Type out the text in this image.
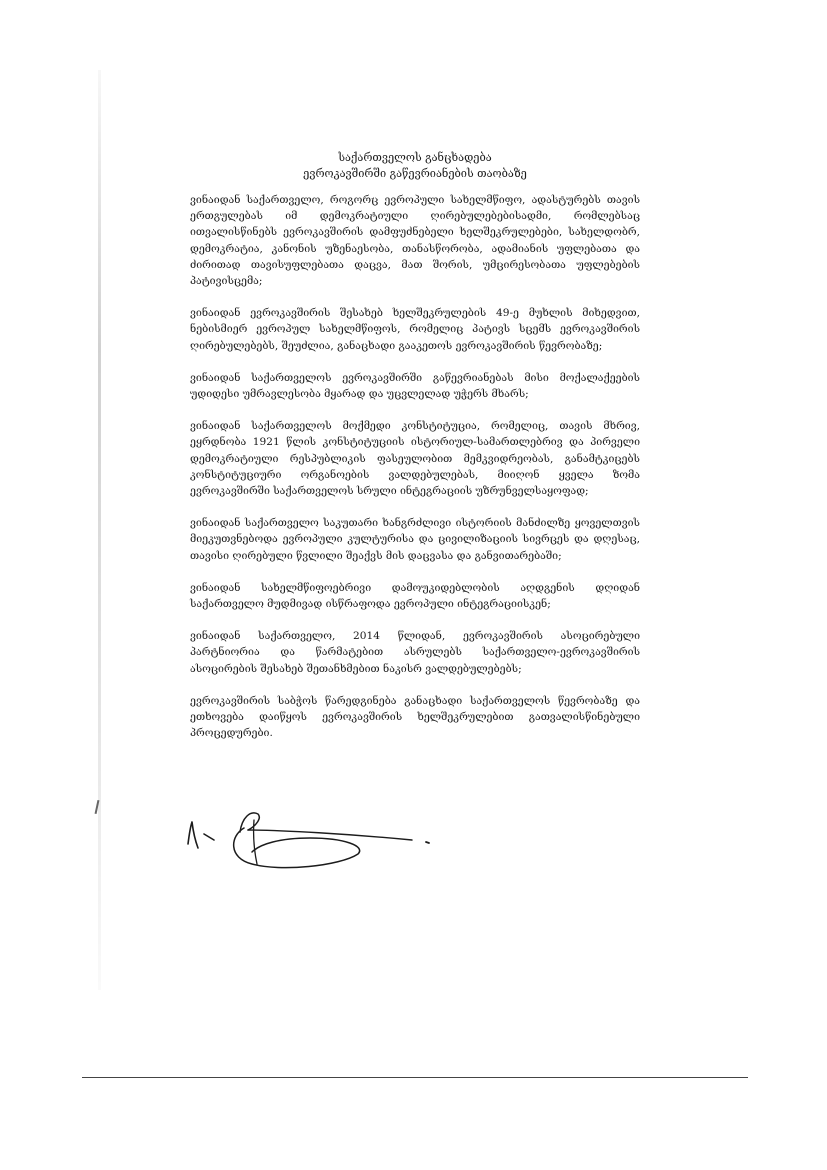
საქართველოს განცხადება
ევროკავშირში გაწევრიანების თაობაზე

ვინაიდან საქართველო, როგორც ევროპული სახელმწიფო, ადასტურებს თავის ერთგულებას იმ დემოკრატიული ღირებულებებისადმი, რომლებსაც ითვალისწინებს ევროკავშირის დამფუძნებელი ხელშეკრულებები, სახელდობრ, დემოკრატია, კანონის უზენაესობა, თანასწორობა, ადამიანის უფლებათა და ძირითად თავისუფლებათა დაცვა, მათ შორის, უმცირესობათა უფლებების პატივისცემა;

ვინაიდან ევროკავშირის შესახებ ხელშეკრულების 49-ე მუხლის მიხედვით, ნებისმიერ ევროპულ სახელმწიფოს, რომელიც პატივს სცემს ევროკავშირის ღირებულებებს, შეუძლია, განაცხადი გააკეთოს ევროკავშირის წევრობაზე;

ვინაიდან საქართველოს ევროკავშირში გაწევრიანებას მისი მოქალაქეების უდიდესი უმრავლესობა მყარად და უცვლელად უჭერს მხარს;

ვინაიდან საქართველოს მოქმედი კონსტიტუცია, რომელიც, თავის მხრივ, ეყრდნობა 1921 წლის კონსტიტუციის ისტორიულ-სამართლებრივ და პირველი დემოკრატიული რესპუბლიკის ფასეულობით მემკვიდრეობას, განამტკიცებს კონსტიტუციური ორგანოების ვალდებულებას, მიიღონ ყველა ზომა ევროკავშირში საქართველოს სრული ინტეგრაციის უზრუნველსაყოფად;

ვინაიდან საქართველო საკუთარი ხანგრძლივი ისტორიის მანძილზე ყოველთვის მიეკუთვნებოდა ევროპული კულტურისა და ცივილიზაციის სივრცეს და დღესაც, თავისი ღირებული წვლილი შეაქვს მის დაცვასა და განვითარებაში;

ვინაიდან სახელმწიფოებრივი დამოუკიდებლობის აღდგენის დღიდან საქართველო მუდმივად ისწრაფოდა ევროპული ინტეგრაციისკენ;

ვინაიდან საქართველო, 2014 წლიდან, ევროკავშირის ასოცირებული პარტნიორია და წარმატებით ასრულებს საქართველო-ევროკავშირის ასოცირების შესახებ შეთანხმებით ნაკისრ ვალდებულებებს;

ევროკავშირის საბჭოს წარედგინება განაცხადი საქართველოს წევრობაზე და ეთხოვება დაიწყოს ევროკავშირის ხელშეკრულებით გათვალისწინებული პროცედურები.
